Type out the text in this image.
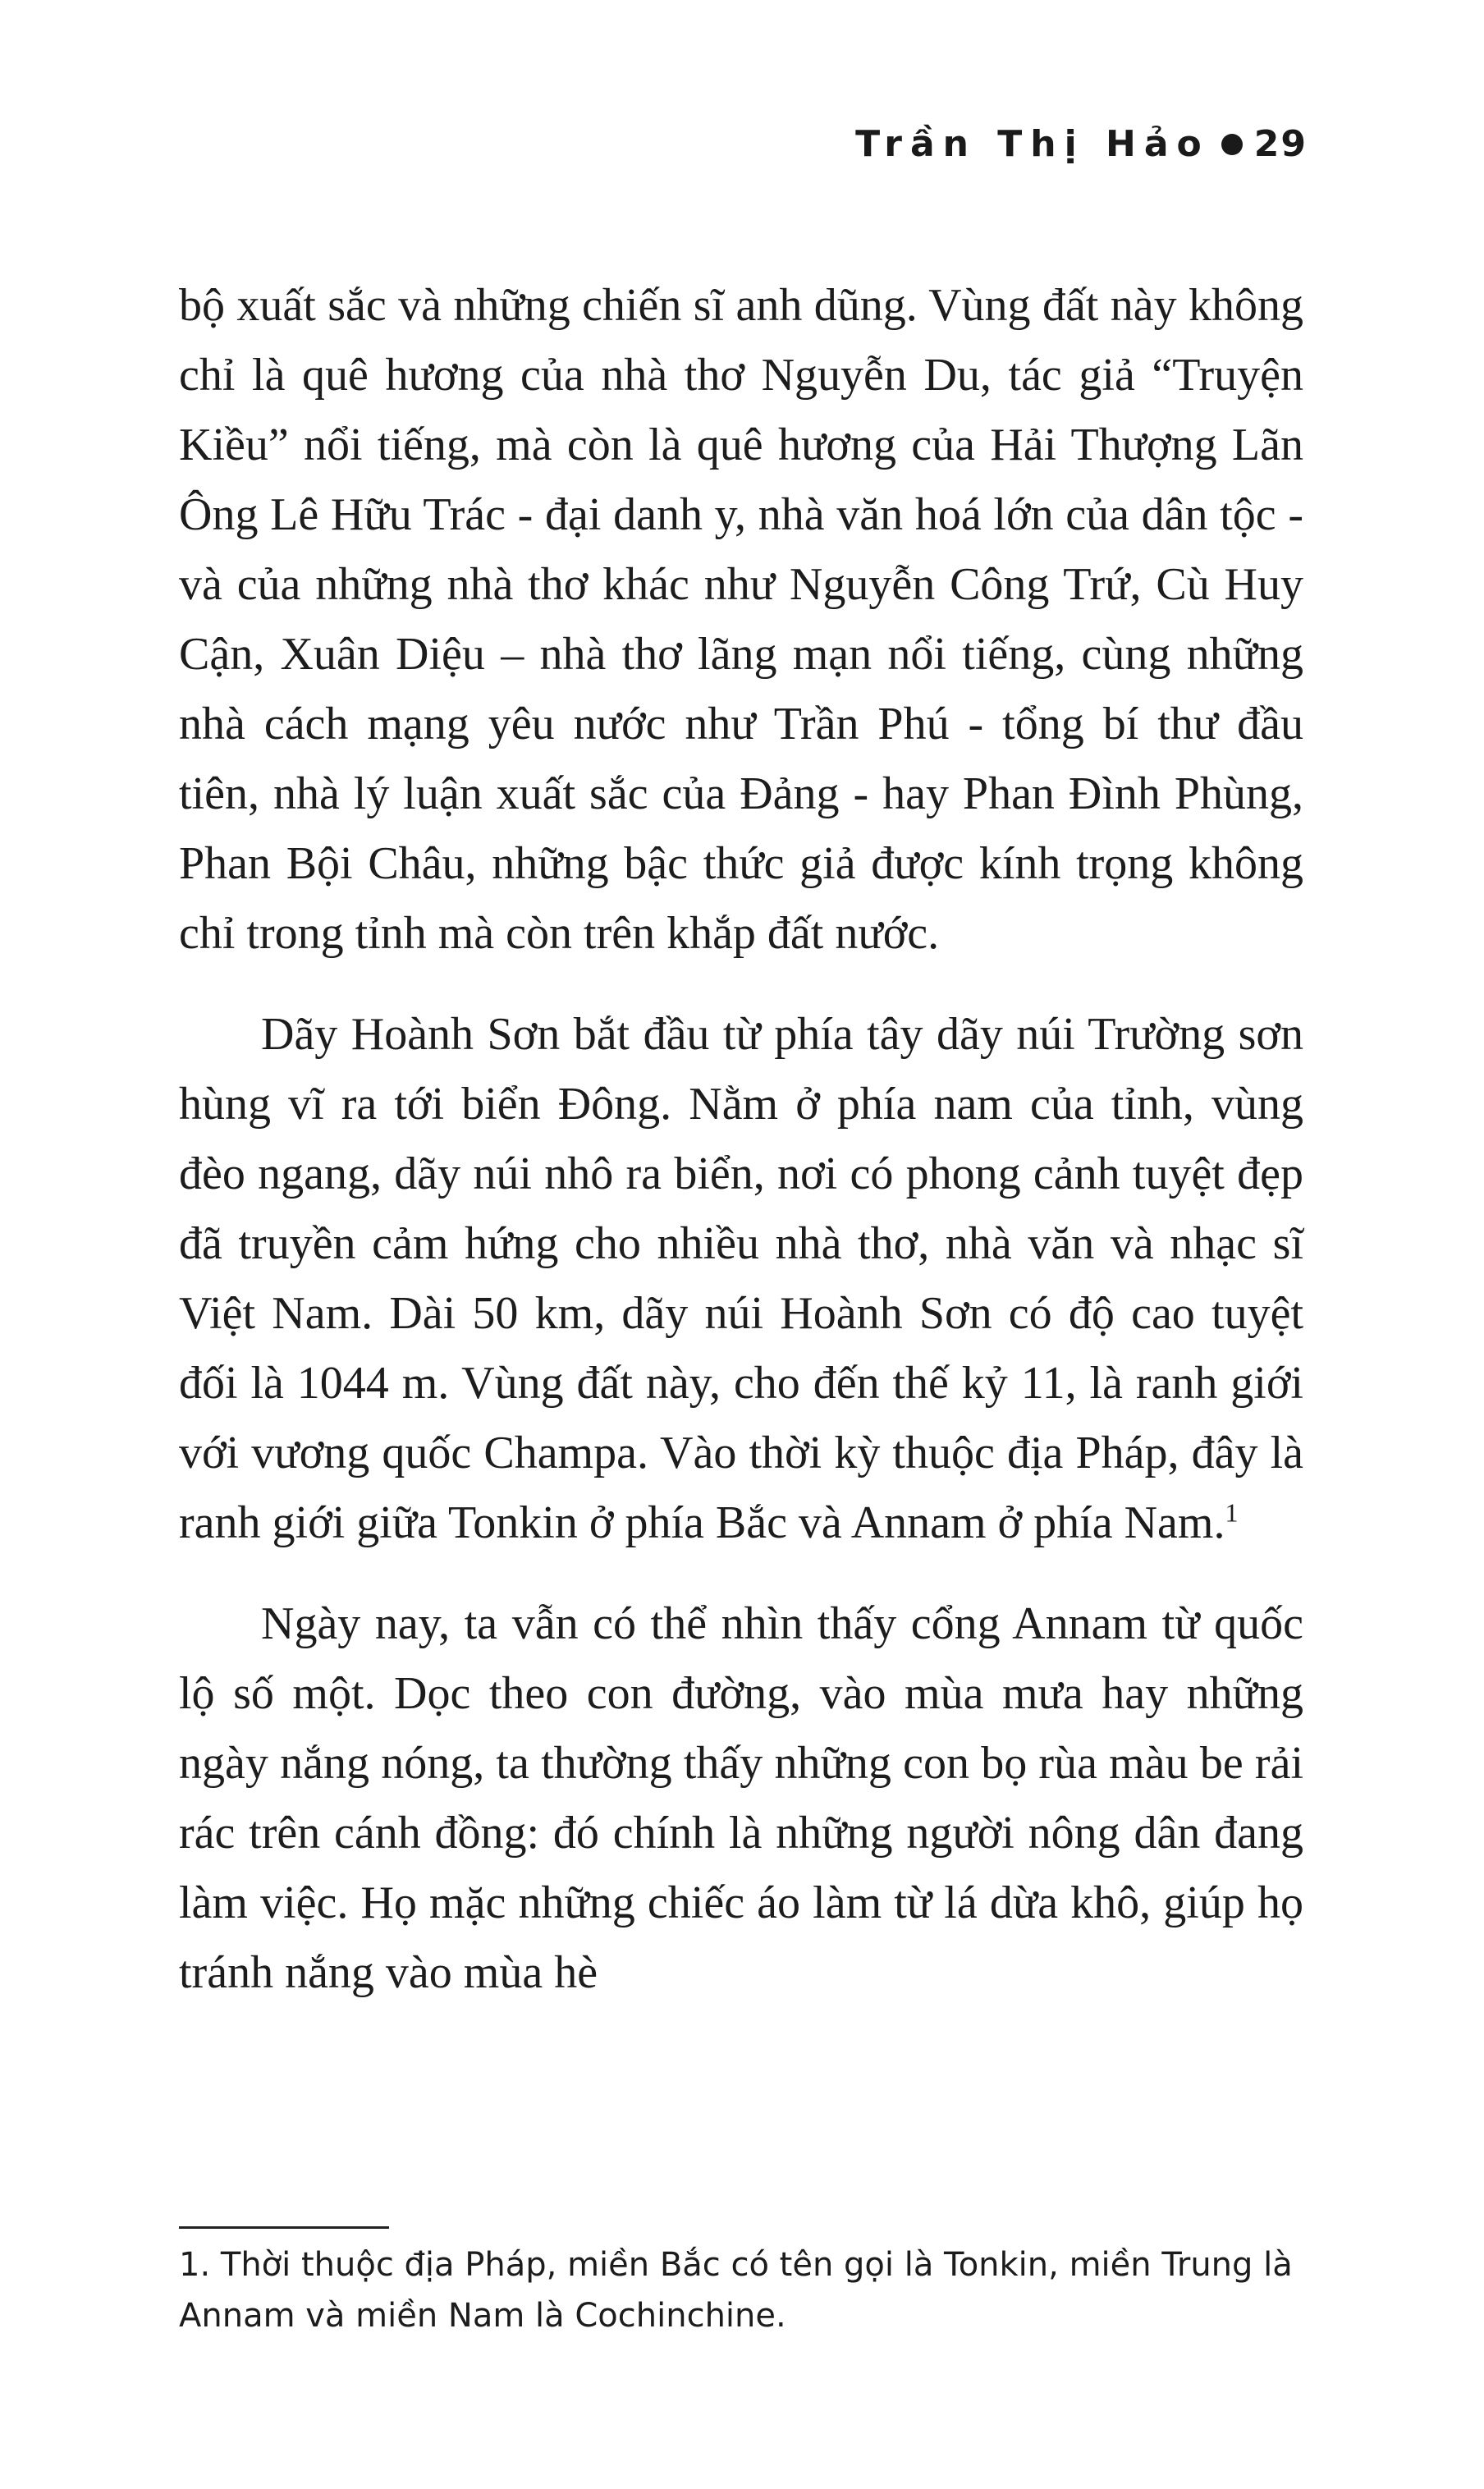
Trần Thị Hảo 29

bộ xuất sắc và những chiến sĩ anh dũng. Vùng đất này không chỉ là quê hương của nhà thơ Nguyễn Du, tác giả “Truyện Kiều” nổi tiếng, mà còn là quê hương của Hải Thượng Lãn Ông Lê Hữu Trác - đại danh y, nhà văn hoá lớn của dân tộc - và của những nhà thơ khác như Nguyễn Công Trứ, Cù Huy Cận, Xuân Diệu – nhà thơ lãng mạn nổi tiếng, cùng những nhà cách mạng yêu nước như Trần Phú - tổng bí thư đầu tiên, nhà lý luận xuất sắc của Đảng - hay Phan Đình Phùng, Phan Bội Châu, những bậc thức giả được kính trọng không chỉ trong tỉnh mà còn trên khắp đất nước.

Dãy Hoành Sơn bắt đầu từ phía tây dãy núi Trường sơn hùng vĩ ra tới biển Đông. Nằm ở phía nam của tỉnh, vùng đèo ngang, dãy núi nhô ra biển, nơi có phong cảnh tuyệt đẹp đã truyền cảm hứng cho nhiều nhà thơ, nhà văn và nhạc sĩ Việt Nam. Dài 50 km, dãy núi Hoành Sơn có độ cao tuyệt đối là 1044 m. Vùng đất này, cho đến thế kỷ 11, là ranh giới với vương quốc Champa. Vào thời kỳ thuộc địa Pháp, đây là ranh giới giữa Tonkin ở phía Bắc và Annam ở phía Nam.$^1$

Ngày nay, ta vẫn có thể nhìn thấy cổng Annam từ quốc lộ số một. Dọc theo con đường, vào mùa mưa hay những ngày nắng nóng, ta thường thấy những con bọ rùa màu be rải rác trên cánh đồng: đó chính là những người nông dân đang làm việc. Họ mặc những chiếc áo làm từ lá dừa khô, giúp họ tránh nắng vào mùa hè

1. Thời thuộc địa Pháp, miền Bắc có tên gọi là Tonkin, miền Trung là Annam và miền Nam là Cochinchine.
